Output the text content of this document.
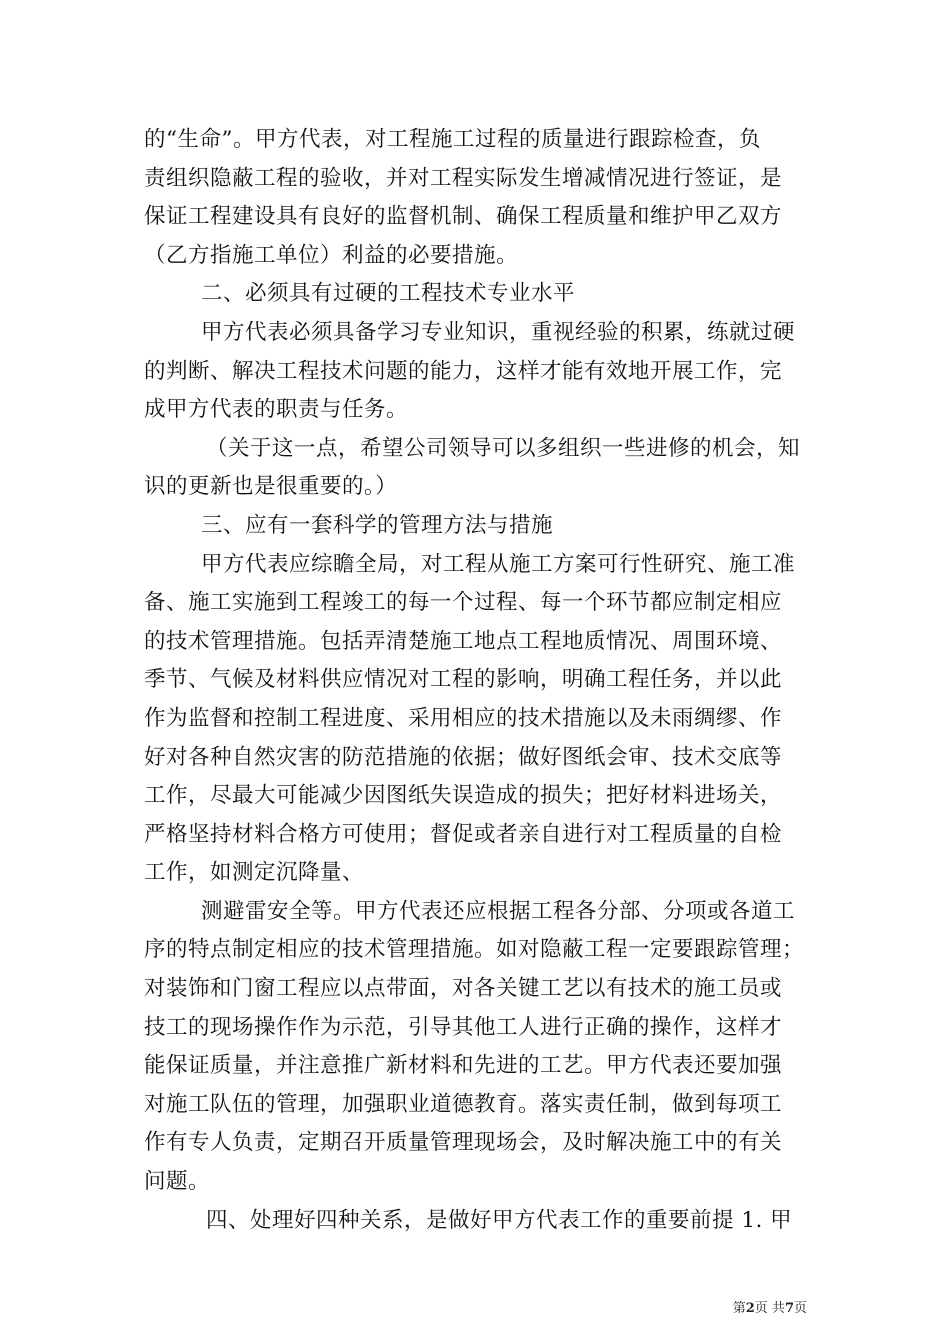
的“生命”。甲方代表，对工程施工过程的质量进行跟踪检查，负
责组织隐蔽工程的验收，并对工程实际发生增减情况进行签证，是
保证工程建设具有良好的监督机制、确保工程质量和维护甲乙双方
（乙方指施工单位）利益的必要措施。
二、必须具有过硬的工程技术专业水平
甲方代表必须具备学习专业知识，重视经验的积累，练就过硬
的判断、解决工程技术问题的能力，这样才能有效地开展工作，完
成甲方代表的职责与任务。
（关于这一点，希望公司领导可以多组织一些进修的机会，知
识的更新也是很重要的。）
三、应有一套科学的管理方法与措施
甲方代表应综瞻全局，对工程从施工方案可行性研究、施工准
备、施工实施到工程竣工的每一个过程、每一个环节都应制定相应
的技术管理措施。包括弄清楚施工地点工程地质情况、周围环境、
季节、气候及材料供应情况对工程的影响，明确工程任务，并以此
作为监督和控制工程进度、采用相应的技术措施以及未雨绸缪、作
好对各种自然灾害的防范措施的依据；做好图纸会审、技术交底等
工作，尽最大可能减少因图纸失误造成的损失；把好材料进场关，
严格坚持材料合格方可使用；督促或者亲自进行对工程质量的自检
工作，如测定沉降量、
测避雷安全等。甲方代表还应根据工程各分部、分项或各道工
序的特点制定相应的技术管理措施。如对隐蔽工程一定要跟踪管理；
对装饰和门窗工程应以点带面，对各关键工艺以有技术的施工员或
技工的现场操作作为示范，引导其他工人进行正确的操作，这样才
能保证质量，并注意推广新材料和先进的工艺。甲方代表还要加强
对施工队伍的管理，加强职业道德教育。落实责任制，做到每项工
作有专人负责，定期召开质量管理现场会，及时解决施工中的有关
问题。
四、处理好四种关系，是做好甲方代表工作的重要前提 1. 甲
第2页 共7页
